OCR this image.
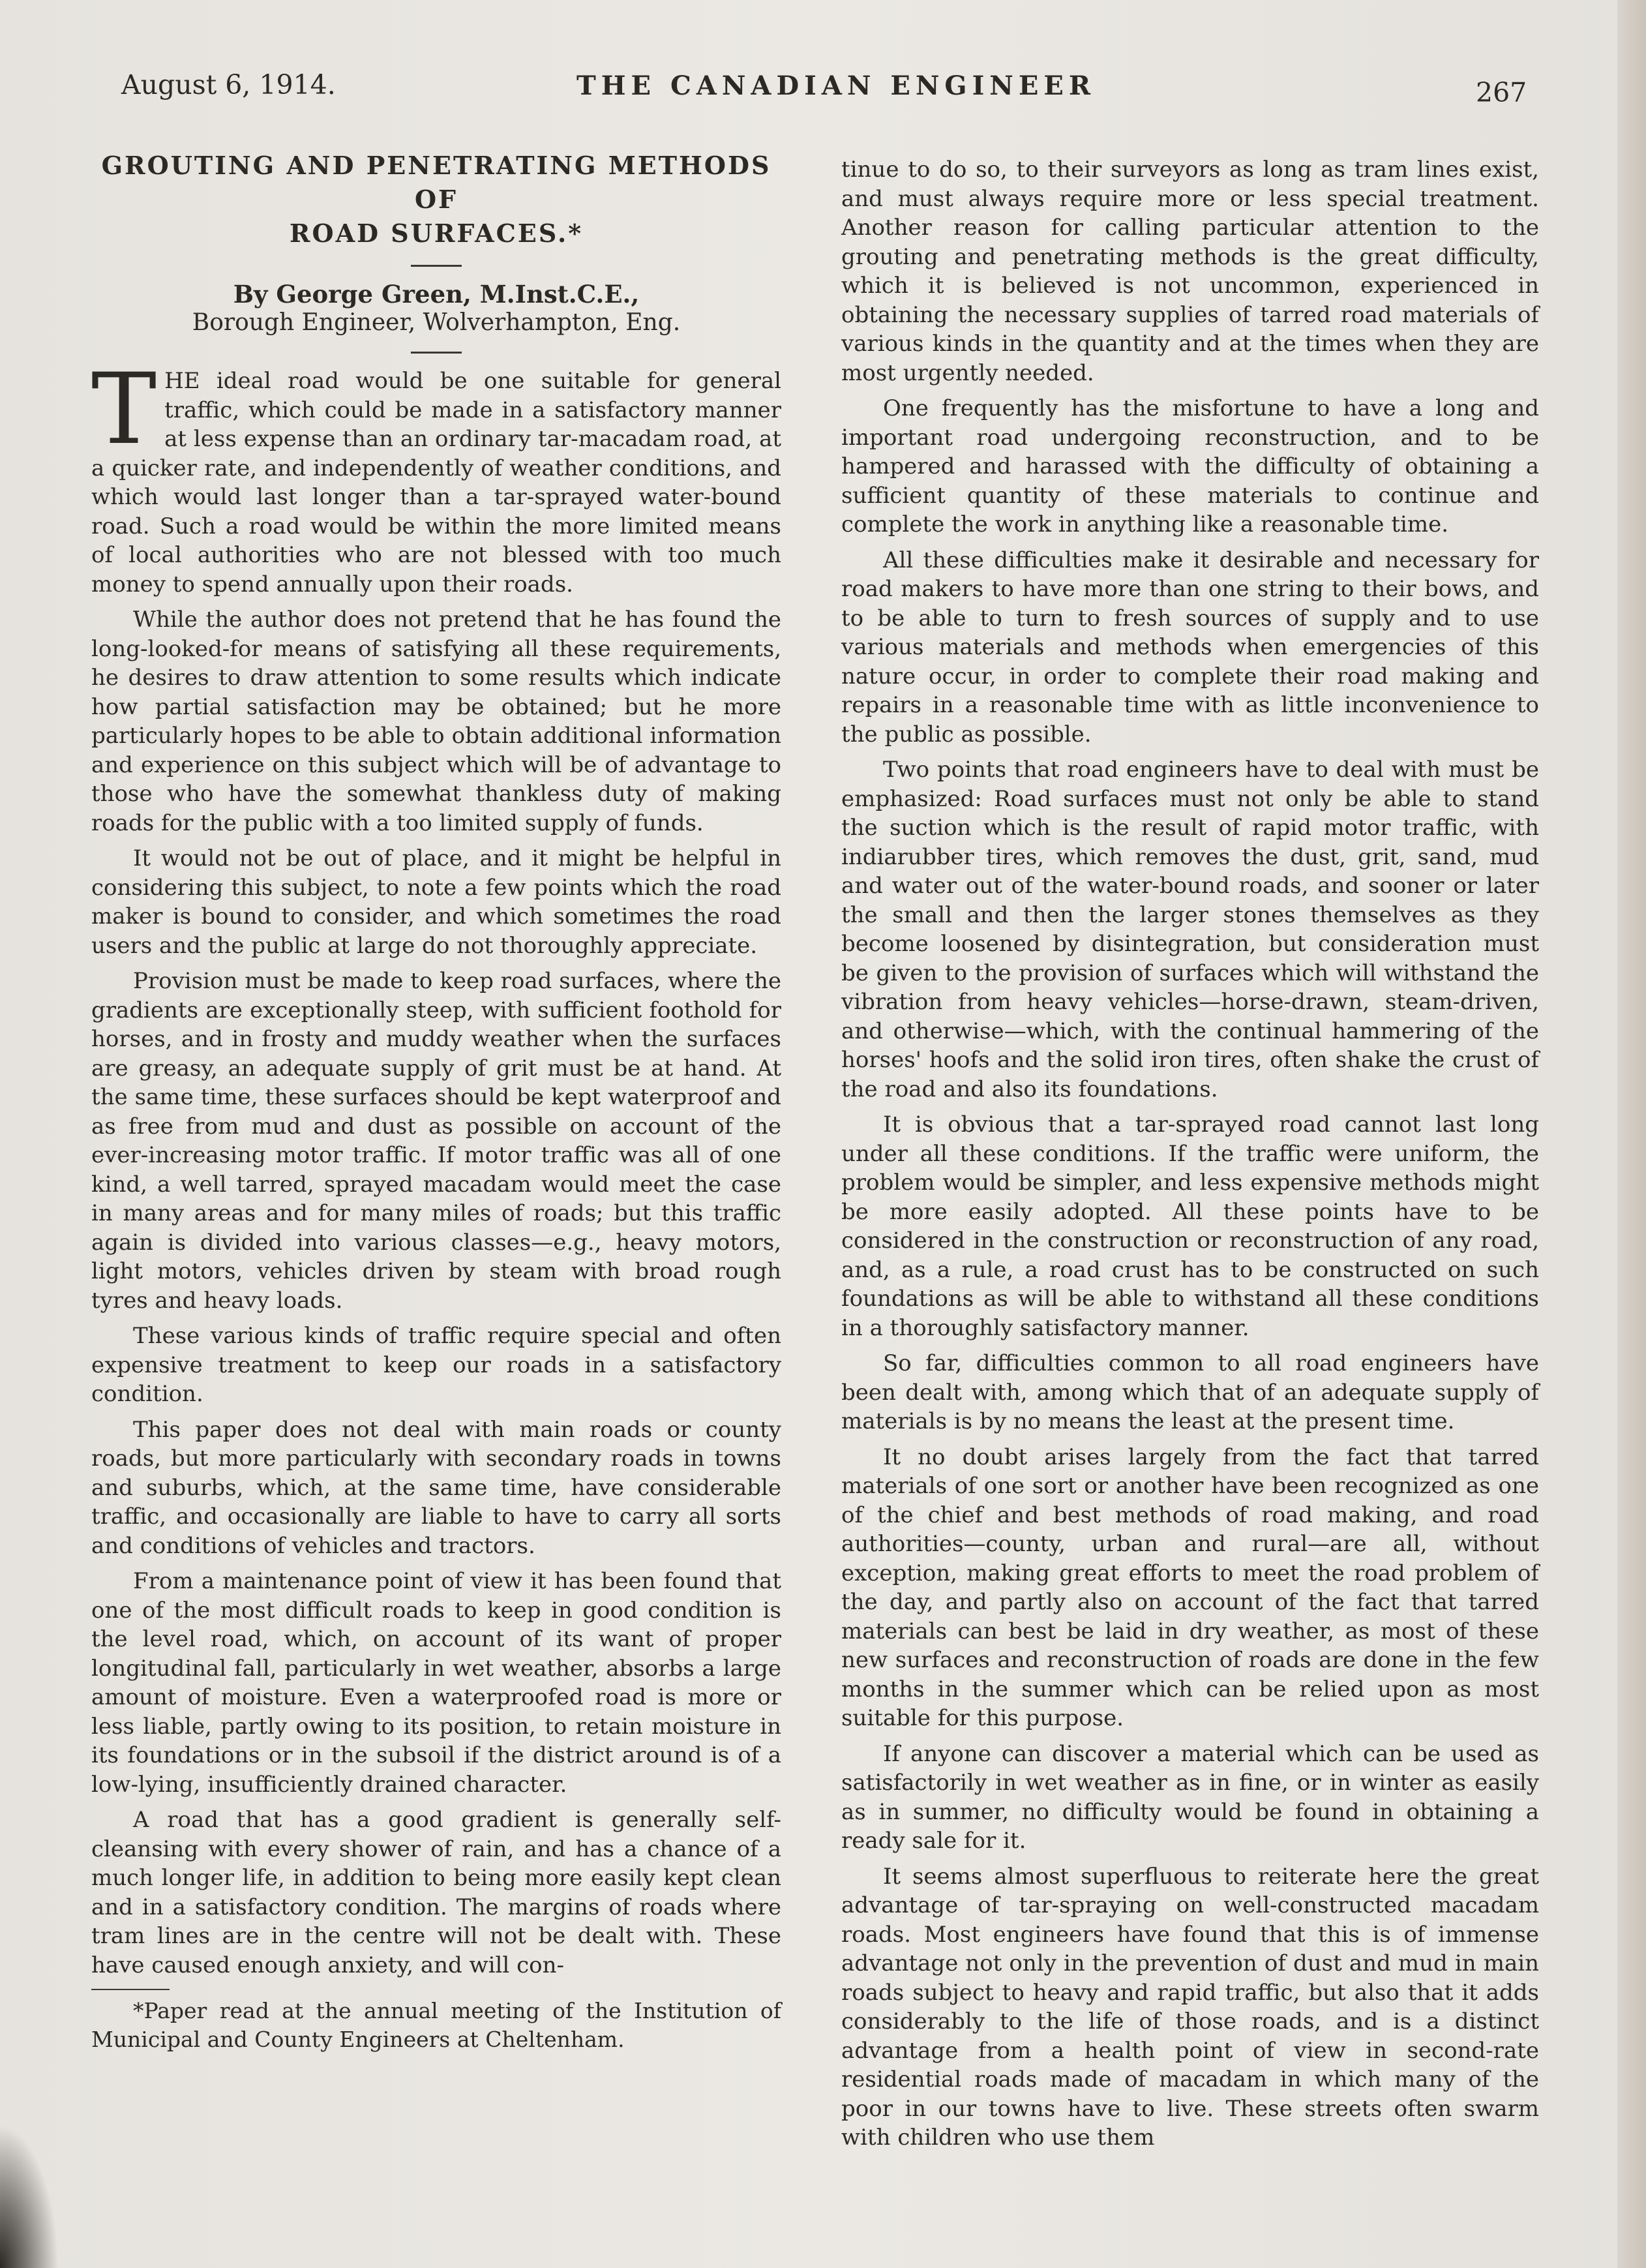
August 6, 1914.	THE CANADIAN ENGINEER	267
GROUTING AND PENETRATING METHODS OF
ROAD SURFACES.*
By George Green, M.Inst.C.E.,
Borough Engineer, Wolverhampton, Eng.

THE ideal road would be one suitable for general traffic, which could be made in a satisfactory manner at less expense than an ordinary tar-macadam road, at a quicker rate, and independently of weather conditions, and which would last longer than a tar-sprayed water-bound road. Such a road would be within the more limited means of local authorities who are not blessed with too much money to spend annually upon their roads.

While the author does not pretend that he has found the long-looked-for means of satisfying all these requirements, he desires to draw attention to some results which indicate how partial satisfaction may be obtained; but he more particularly hopes to be able to obtain additional information and experience on this subject which will be of advantage to those who have the somewhat thankless duty of making roads for the public with a too limited supply of funds.

It would not be out of place, and it might be helpful in considering this subject, to note a few points which the road maker is bound to consider, and which sometimes the road users and the public at large do not thoroughly appreciate.

Provision must be made to keep road surfaces, where the gradients are exceptionally steep, with sufficient foothold for horses, and in frosty and muddy weather when the surfaces are greasy, an adequate supply of grit must be at hand. At the same time, these surfaces should be kept waterproof and as free from mud and dust as possible on account of the ever-increasing motor traffic. If motor traffic was all of one kind, a well tarred, sprayed macadam would meet the case in many areas and for many miles of roads; but this traffic again is divided into various classes—e.g., heavy motors, light motors, vehicles driven by steam with broad rough tyres and heavy loads.

These various kinds of traffic require special and often expensive treatment to keep our roads in a satisfactory condition.

This paper does not deal with main roads or county roads, but more particularly with secondary roads in towns and suburbs, which, at the same time, have considerable traffic, and occasionally are liable to have to carry all sorts and conditions of vehicles and tractors.

From a maintenance point of view it has been found that one of the most difficult roads to keep in good condition is the level road, which, on account of its want of proper longitudinal fall, particularly in wet weather, absorbs a large amount of moisture. Even a waterproofed road is more or less liable, partly owing to its position, to retain moisture in its foundations or in the subsoil if the district around is of a low-lying, insufficiently drained character.

A road that has a good gradient is generally self-cleansing with every shower of rain, and has a chance of a much longer life, in addition to being more easily kept clean and in a satisfactory condition. The margins of roads where tram lines are in the centre will not be dealt with. These have caused enough anxiety, and will con-

*Paper read at the annual meeting of the Institution of Municipal and County Engineers at Cheltenham.

tinue to do so, to their surveyors as long as tram lines exist, and must always require more or less special treatment. Another reason for calling particular attention to the grouting and penetrating methods is the great difficulty, which it is believed is not uncommon, experienced in obtaining the necessary supplies of tarred road materials of various kinds in the quantity and at the times when they are most urgently needed.

One frequently has the misfortune to have a long and important road undergoing reconstruction, and to be hampered and harassed with the difficulty of obtaining a sufficient quantity of these materials to continue and complete the work in anything like a reasonable time.

All these difficulties make it desirable and necessary for road makers to have more than one string to their bows, and to be able to turn to fresh sources of supply and to use various materials and methods when emergencies of this nature occur, in order to complete their road making and repairs in a reasonable time with as little inconvenience to the public as possible.

Two points that road engineers have to deal with must be emphasized: Road surfaces must not only be able to stand the suction which is the result of rapid motor traffic, with indiarubber tires, which removes the dust, grit, sand, mud and water out of the water-bound roads, and sooner or later the small and then the larger stones themselves as they become loosened by disintegration, but consideration must be given to the provision of surfaces which will withstand the vibration from heavy vehicles—horse-drawn, steam-driven, and otherwise—which, with the continual hammering of the horses' hoofs and the solid iron tires, often shake the crust of the road and also its foundations.

It is obvious that a tar-sprayed road cannot last long under all these conditions. If the traffic were uniform, the problem would be simpler, and less expensive methods might be more easily adopted. All these points have to be considered in the construction or reconstruction of any road, and, as a rule, a road crust has to be constructed on such foundations as will be able to withstand all these conditions in a thoroughly satisfactory manner.

So far, difficulties common to all road engineers have been dealt with, among which that of an adequate supply of materials is by no means the least at the present time.

It no doubt arises largely from the fact that tarred materials of one sort or another have been recognized as one of the chief and best methods of road making, and road authorities—county, urban and rural—are all, without exception, making great efforts to meet the road problem of the day, and partly also on account of the fact that tarred materials can best be laid in dry weather, as most of these new surfaces and reconstruction of roads are done in the few months in the summer which can be relied upon as most suitable for this purpose.

If anyone can discover a material which can be used as satisfactorily in wet weather as in fine, or in winter as easily as in summer, no difficulty would be found in obtaining a ready sale for it.

It seems almost superfluous to reiterate here the great advantage of tar-spraying on well-constructed macadam roads. Most engineers have found that this is of immense advantage not only in the prevention of dust and mud in main roads subject to heavy and rapid traffic, but also that it adds considerably to the life of those roads, and is a distinct advantage from a health point of view in second-rate residential roads made of macadam in which many of the poor in our towns have to live. These streets often swarm with children who use them
